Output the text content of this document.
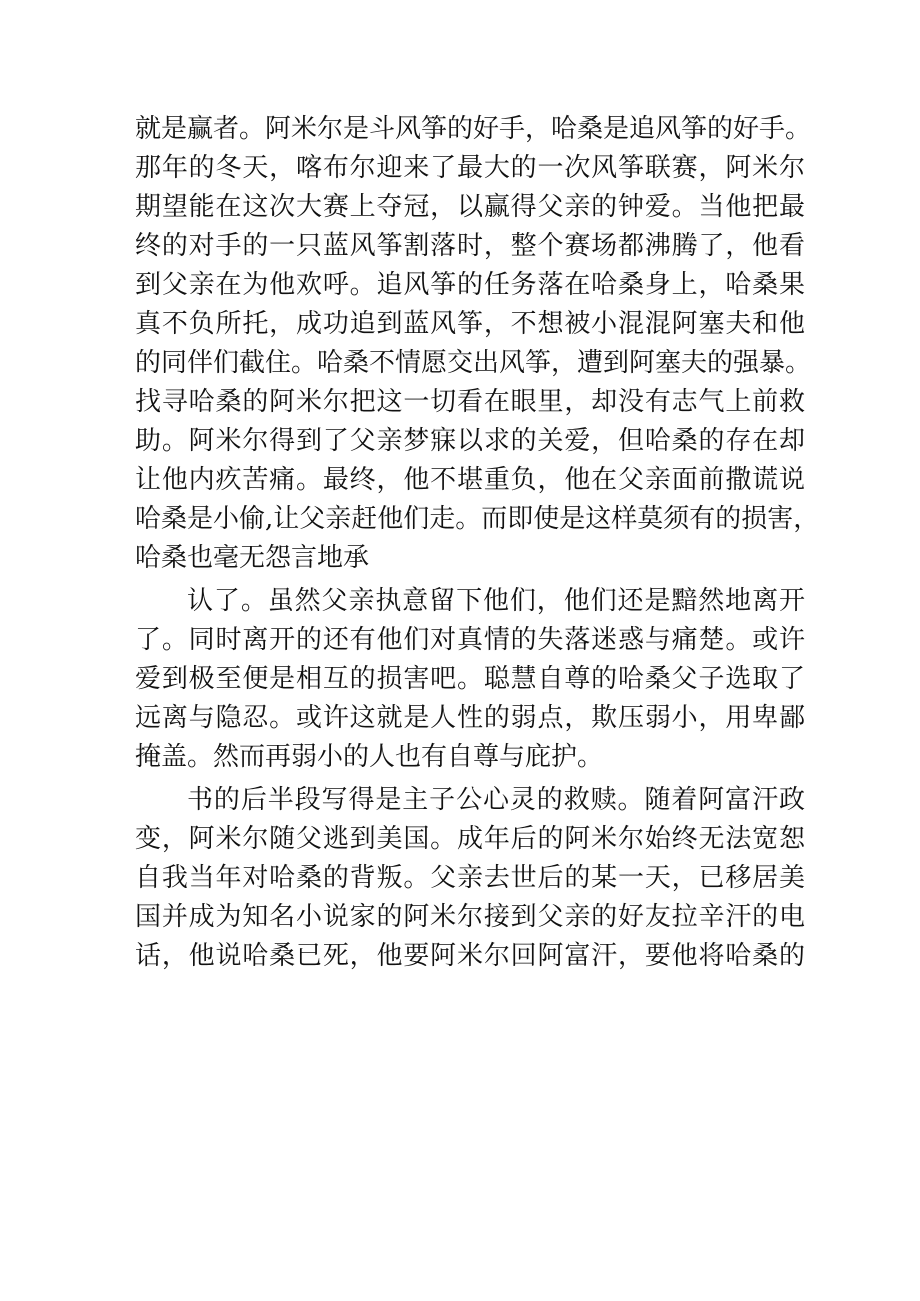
就是赢者。阿米尔是斗风筝的好手，哈桑是追风筝的好手。
那年的冬天，喀布尔迎来了最大的一次风筝联赛，阿米尔
期望能在这次大赛上夺冠，以赢得父亲的钟爱。当他把最
终的对手的一只蓝风筝割落时，整个赛场都沸腾了，他看
到父亲在为他欢呼。追风筝的任务落在哈桑身上，哈桑果
真不负所托，成功追到蓝风筝，不想被小混混阿塞夫和他
的同伴们截住。哈桑不情愿交出风筝，遭到阿塞夫的强暴。
找寻哈桑的阿米尔把这一切看在眼里，却没有志气上前救
助。阿米尔得到了父亲梦寐以求的关爱，但哈桑的存在却
让他内疚苦痛。最终，他不堪重负，他在父亲面前撒谎说
哈桑是小偷,让父亲赶他们走。而即使是这样莫须有的损害，
哈桑也毫无怨言地承
认了。虽然父亲执意留下他们，他们还是黯然地离开
了。同时离开的还有他们对真情的失落迷惑与痛楚。或许
爱到极至便是相互的损害吧。聪慧自尊的哈桑父子选取了
远离与隐忍。或许这就是人性的弱点，欺压弱小，用卑鄙
掩盖。然而再弱小的人也有自尊与庇护。
书的后半段写得是主子公心灵的救赎。随着阿富汗政
变，阿米尔随父逃到美国。成年后的阿米尔始终无法宽恕
自我当年对哈桑的背叛。父亲去世后的某一天，已移居美
国并成为知名小说家的阿米尔接到父亲的好友拉辛汗的电
话，他说哈桑已死，他要阿米尔回阿富汗，要他将哈桑的
